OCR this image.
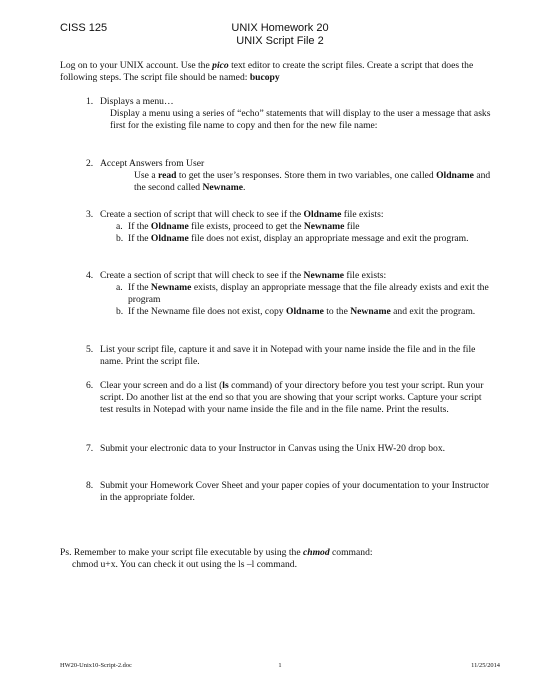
CISS 125	UNIX Homework 20
UNIX Script File 2
Log on to your UNIX account. Use the pico text editor to create the script files. Create a script that does the following steps. The script file should be named: bucopy
1. Displays a menu…
Display a menu using a series of “echo” statements that will display to the user a message that asks first for the existing file name to copy and then for the new file name:
2. Accept Answers from User
Use a read to get the user’s responses. Store them in two variables, one called Oldname and the second called Newname.
3. Create a section of script that will check to see if the Oldname file exists:
a. If the Oldname file exists, proceed to get the Newname file
b. If the Oldname file does not exist, display an appropriate message and exit the program.
4. Create a section of script that will check to see if the Newname file exists:
a. If the Newname exists, display an appropriate message that the file already exists and exit the program
b. If the Newname file does not exist, copy Oldname to the Newname and exit the program.
5. List your script file, capture it and save it in Notepad with your name inside the file and in the file name. Print the script file.
6. Clear your screen and do a list (ls command) of your directory before you test your script. Run your script. Do another list at the end so that you are showing that your script works. Capture your script test results in Notepad with your name inside the file and in the file name. Print the results.
7. Submit your electronic data to your Instructor in Canvas using the Unix HW-20 drop box.
8. Submit your Homework Cover Sheet and your paper copies of your documentation to your Instructor in the appropriate folder.
Ps. Remember to make your script file executable by using the chmod command:
chmod u+x. You can check it out using the ls –l command.
HW20-Unix10-Script-2.doc	1	11/25/2014
